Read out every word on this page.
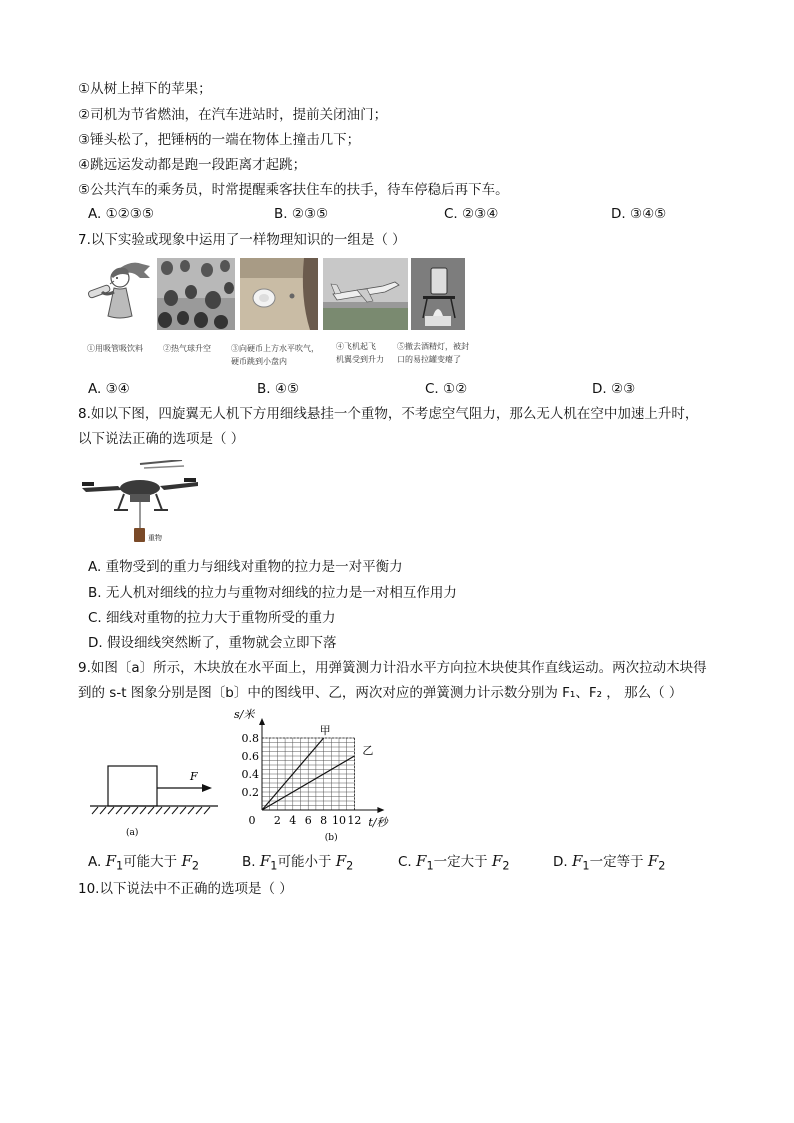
①从树上掉下的苹果；
②司机为节省燃油，在汽车进站时，提前关闭油门；
③锤头松了，把锤柄的一端在物体上撞击几下；
④跳远运发动都是跑一段距离才起跳；
⑤公共汽车的乘务员，时常提醒乘客扶住车的扶手，待车停稳后再下车。
A. ①②③⑤	B. ②③⑤	C. ②③④	D. ③④⑤
7.以下实验或现象中运用了一样物理知识的一组是（ ）
①用吸管吸饮料	②热气球升空	③向硬币上方水平吹气，
硬币跳到小盘内
④飞机起飞
机翼受到升力
⑤撤去酒精灯，被封
口的易拉罐变瘪了
A. ③④	B. ④⑤	C. ①②	D. ②③
8.如以下图，四旋翼无人机下方用细线悬挂一个重物，不考虑空气阻力，那么无人机在空中加速上升时，
以下说法正确的选项是（ ）
重物
A. 重物受到的重力与细线对重物的拉力是一对平衡力
B. 无人机对细线的拉力与重物对细线的拉力是一对相互作用力
C. 细线对重物的拉力大于重物所受的重力
D. 假设细线突然断了，重物就会立即下落
9.如图〔a〕所示，木块放在水平面上，用弹簧测力计沿水平方向拉木块使其作直线运动。两次拉动木块得
到的 s-t 图象分别是图〔b〕中的图线甲、乙，两次对应的弹簧测力计示数分别为 F₁、F₂ ， 那么（ ）
F
(a)
2 4 6 8 10 12
0.2
0.4
0.6
0.8
0
s/米
t/秒
甲
乙
(b)
A. $F_1$可能大于 $F_2$	B. $F_1$可能小于 $F_2$	C. $F_1$一定大于 $F_2$	D. $F_1$一定等于 $F_2$
10.以下说法中不正确的选项是（ ）
